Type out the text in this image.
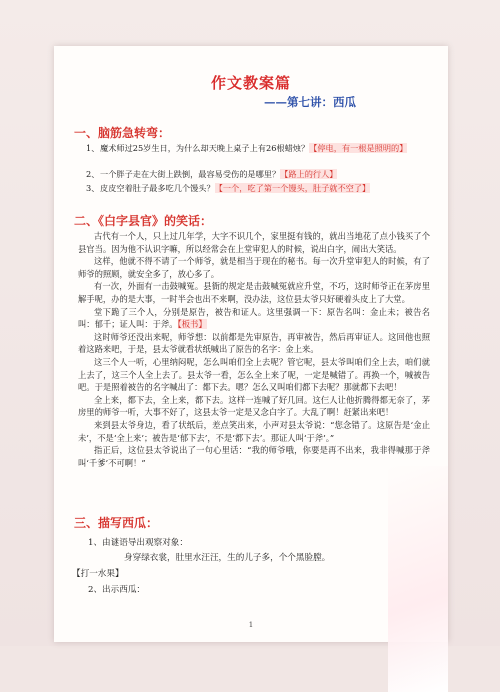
作文教案篇
——第七讲：西瓜
一、脑筋急转弯：
1、魔术师过25岁生日，为什么却天晚上桌子上有26根蜡烛？【停电，有一根是照明的】
2、一个胖子走在大街上跌倒，最容易受伤的是哪里？【路上的行人】
3、皮皮空着肚子最多吃几个馒头？【一个，吃了第一个馒头，肚子就不空了】
二、《白字县官》的笑话：

古代有一个人，只上过几年学，大字不识几个，家里挺有钱的，就出当地花了点小钱买了个县官当。因为他不认识字嘛，所以经常会在上堂审犯人的时候，说出白字，闹出大笑话。

这样，他就不得不请了一个师爷，就是相当于现在的秘书。每一次升堂审犯人的时候，有了师爷的照顾，就安全多了，放心多了。

有一次，外面有一击鼓喊冤。县衙的规定是击鼓喊冤就应升堂，不巧，这时师爷正在茅房里解手呢，办的是大事，一时半会也出不来啊，没办法，这位县太爷只好硬着头皮上了大堂。

堂下跪了三个人，分别是原告，被告和证人。这里强调一下：原告名叫：金止未；被告名叫：郁千；证人叫：于斧。【板书】

这时师爷还没出来呢，师爷想：以前都是先审原告，再审被告，然后再审证人。这回他也照着这路来吧，于是，县太爷就看状纸喊出了原告的名字：金上来。

这三个人一听，心里纳闷呢，怎么叫咱们全上去呢？管它呢，县太爷叫咱们全上去，咱们就上去了，这三个人全上去了。县太爷一看，怎么全上来了呢，一定是喊错了。再换一个，喊被告吧。于是照着被告的名字喊出了：都下去。嗯？怎么又叫咱们都下去呢？那就都下去吧！

全上来，都下去，全上来，都下去。这样一连喊了好几回。这仨人让他折腾得都无奈了，茅房里的师爷一听，大事不好了，这县太爷一定是又念白字了。大乱了啊！赶紧出来吧！

来到县太爷身边，看了状纸后，差点笑出来，小声对县太爷说：“您念错了。这原告是‘金止未’，不是‘全上来’；被告是‘郁下去’，不是‘都下去’。那证人叫‘于斧’。”

指正后，这位县太爷说出了一句心里话：“我的师爷哦，你要是再不出来，我非得喊那于斧叫‘千爹’不可啊！”

三、描写西瓜：
1、由谜语导出观察对象：
身穿绿衣裳，肚里水汪汪，生的儿子多，个个黑脸膛。
【打一水果】
2、出示西瓜：
1
